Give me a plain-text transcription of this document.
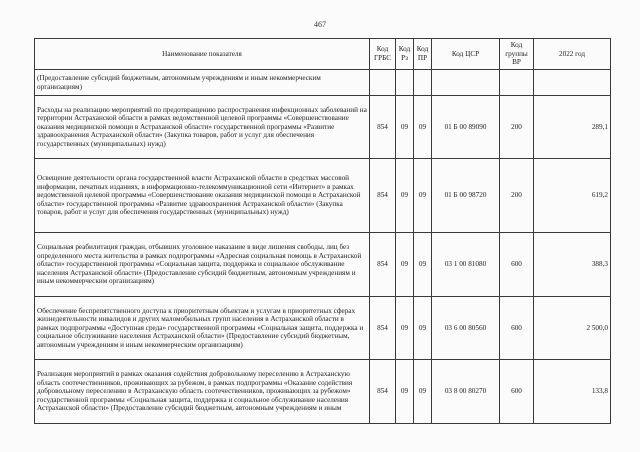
467
Наименование показателя	Код ГРБС	Код Рз	Код ПР	Код ЦСР	Код группы ВР	2022 год
(Предоставление субсидий бюджетным, автономным учреждениям и иным некоммерческим организациям)						
Расходы на реализацию мероприятий по предотвращению распространения инфекционных заболеваний на территории Астраханской области в рамках ведомственной целевой программы «Совершенствование оказания медицинской помощи в Астраханской области» государственной программы «Развитие здравоохранения Астраханской области» (Закупка товаров, работ и услуг для обеспечения государственных (муниципальных) нужд)	854	09	09	01 Б 00 89090	200	289,1
Освещение деятельности органа государственной власти Астраханской области в средствах массовой информации, печатных изданиях, в информационно-телекоммуникационной сети «Интернет» в рамках ведомственной целевой программы «Совершенствование оказания медицинской помощи в Астраханской области» государственной программы «Развитие здравоохранения Астраханской области» (Закупка товаров, работ и услуг для обеспечения государственных (муниципальных) нужд)	854	09	09	01 Б 00 98720	200	619,2
Социальная реабилитация граждан, отбывших уголовное наказание в виде лишения свободы, лиц без определенного места жительства в рамках подпрограммы «Адресная социальная помощь в Астраханской области» государственной программы «Социальная защита, поддержка и социальное обслуживание населения Астраханской области» (Предоставление субсидий бюджетным, автономным учреждениям и иным некоммерческим организациям)	854	09	09	03 1 00 81080	600	388,3
Обеспечение беспрепятственного доступа к приоритетным объектам и услугам в приоритетных сферах жизнедеятельности инвалидов и других маломобильных групп населения в Астраханской области в рамках подпрограммы «Доступная среда» государственной программы «Социальная защита, поддержка и социальное обслуживание населения Астраханской области» (Предоставление субсидий бюджетным, автономным учреждениям и иным некоммерческим организациям)	854	09	09	03 6 00 80560	600	2 500,0
Реализация мероприятий в рамках оказания содействия добровольному переселению в Астраханскую область соотечественников, проживающих за рубежом, в рамках подпрограммы «Оказание содействия добровольному переселению в Астраханскую область соотечественников, проживающих за рубежом» государственной программы «Социальная защита, поддержка и социальное обслуживание населения Астраханской области» (Предоставление субсидий бюджетным, автономным учреждениям и иным	854	09	09	03 8 00 80270	600	133,8
